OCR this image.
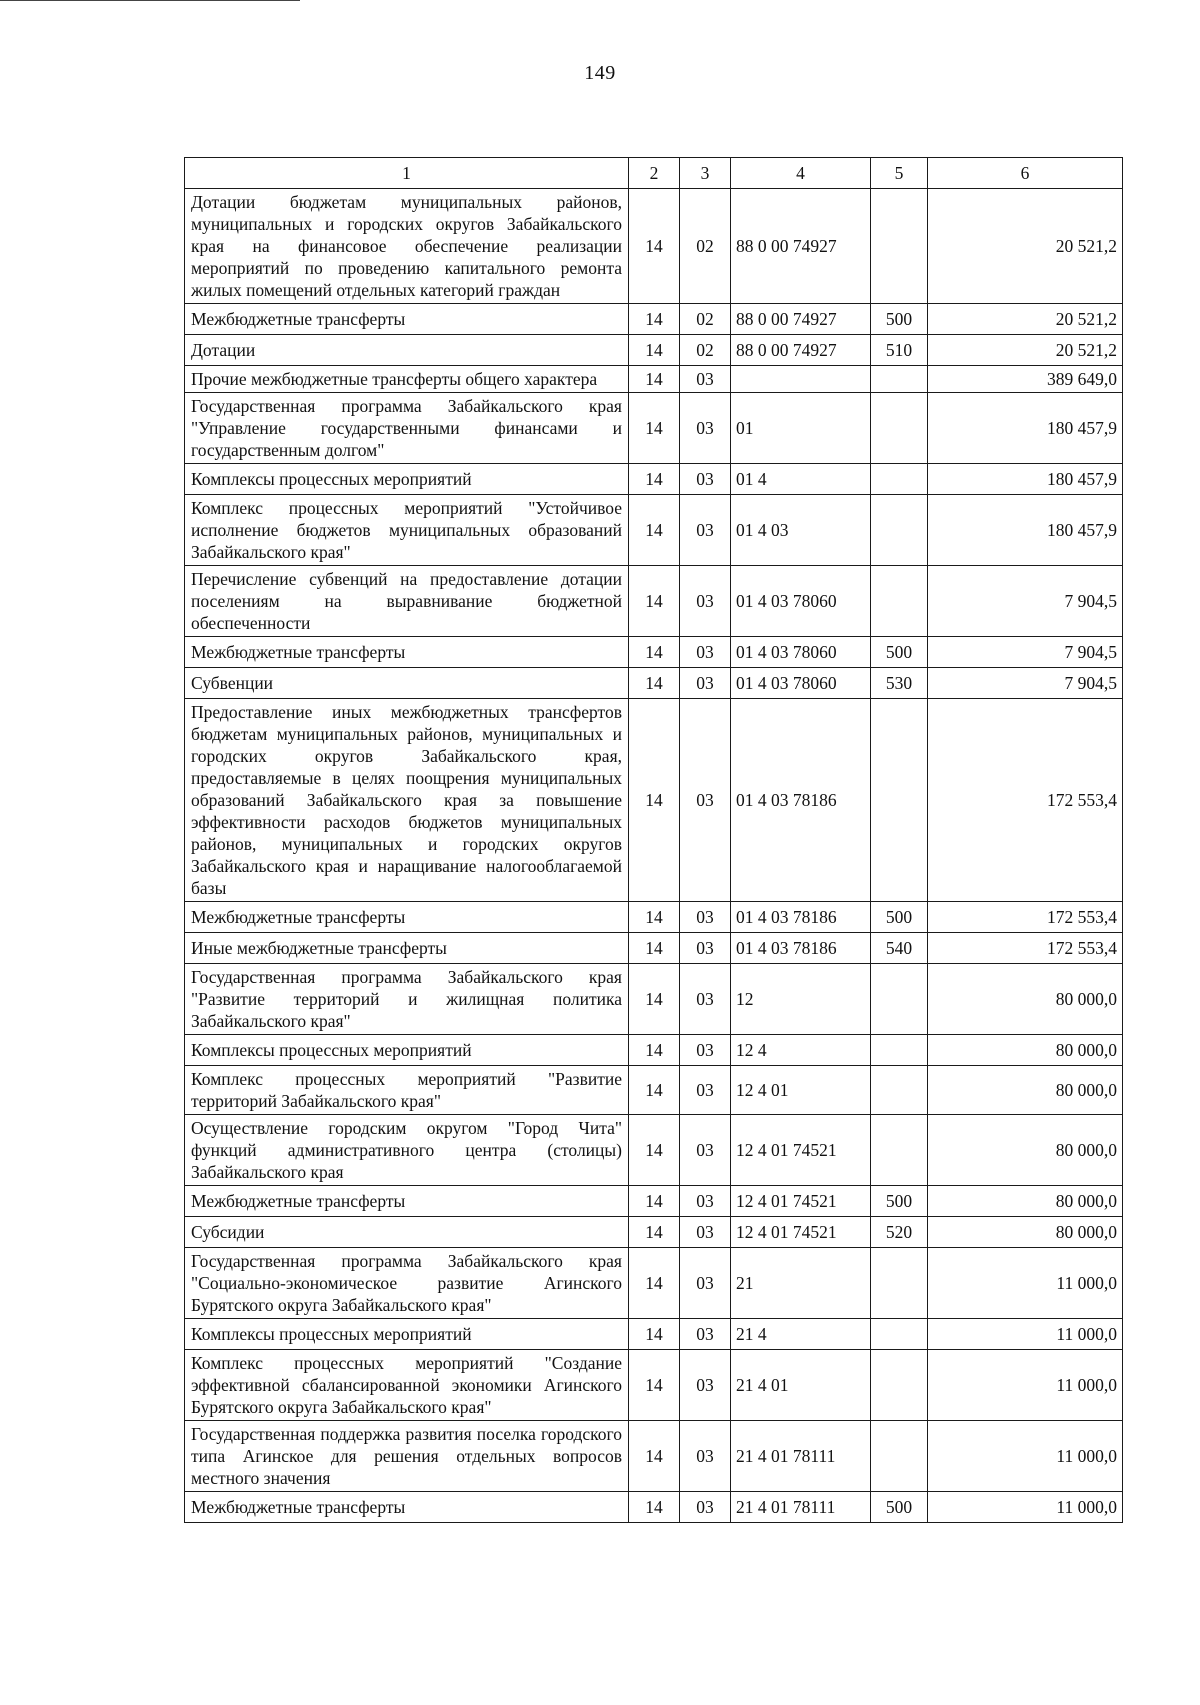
149
1	2	3	4	5	6
Дотации бюджетам муниципальных районов, муниципальных и городских округов Забайкальского края на финансовое обеспечение реализации мероприятий по проведению капитального ремонта жилых помещений отдельных категорий граждан	14	02	88 0 00 74927		20 521,2
Межбюджетные трансферты	14	02	88 0 00 74927	500	20 521,2
Дотации	14	02	88 0 00 74927	510	20 521,2
Прочие межбюджетные трансферты общего характера	14	03			389 649,0
Государственная программа Забайкальского края "Управление государственными финансами и государственным долгом"	14	03	01		180 457,9
Комплексы процессных мероприятий	14	03	01 4		180 457,9
Комплекс процессных мероприятий "Устойчивое исполнение бюджетов муниципальных образований Забайкальского края"	14	03	01 4 03		180 457,9
Перечисление субвенций на предоставление дотации поселениям на выравнивание бюджетной обеспеченности	14	03	01 4 03 78060		7 904,5
Межбюджетные трансферты	14	03	01 4 03 78060	500	7 904,5
Субвенции	14	03	01 4 03 78060	530	7 904,5
Предоставление иных межбюджетных трансфертов бюджетам муниципальных районов, муниципальных и городских округов Забайкальского края, предоставляемые в целях поощрения муниципальных образований Забайкальского края за повышение эффективности расходов бюджетов муниципальных районов, муниципальных и городских округов Забайкальского края и наращивание налогооблагаемой базы	14	03	01 4 03 78186		172 553,4
Межбюджетные трансферты	14	03	01 4 03 78186	500	172 553,4
Иные межбюджетные трансферты	14	03	01 4 03 78186	540	172 553,4
Государственная программа Забайкальского края "Развитие территорий и жилищная политика Забайкальского края"	14	03	12		80 000,0
Комплексы процессных мероприятий	14	03	12 4		80 000,0
Комплекс процессных мероприятий "Развитие территорий Забайкальского края"	14	03	12 4 01		80 000,0
Осуществление городским округом "Город Чита" функций административного центра (столицы) Забайкальского края	14	03	12 4 01 74521		80 000,0
Межбюджетные трансферты	14	03	12 4 01 74521	500	80 000,0
Субсидии	14	03	12 4 01 74521	520	80 000,0
Государственная программа Забайкальского края "Социально-экономическое развитие Агинского Бурятского округа Забайкальского края"	14	03	21		11 000,0
Комплексы процессных мероприятий	14	03	21 4		11 000,0
Комплекс процессных мероприятий "Создание эффективной сбалансированной экономики Агинского Бурятского округа Забайкальского края"	14	03	21 4 01		11 000,0
Государственная поддержка развития поселка городского типа Агинское для решения отдельных вопросов местного значения	14	03	21 4 01 78111		11 000,0
Межбюджетные трансферты	14	03	21 4 01 78111	500	11 000,0
